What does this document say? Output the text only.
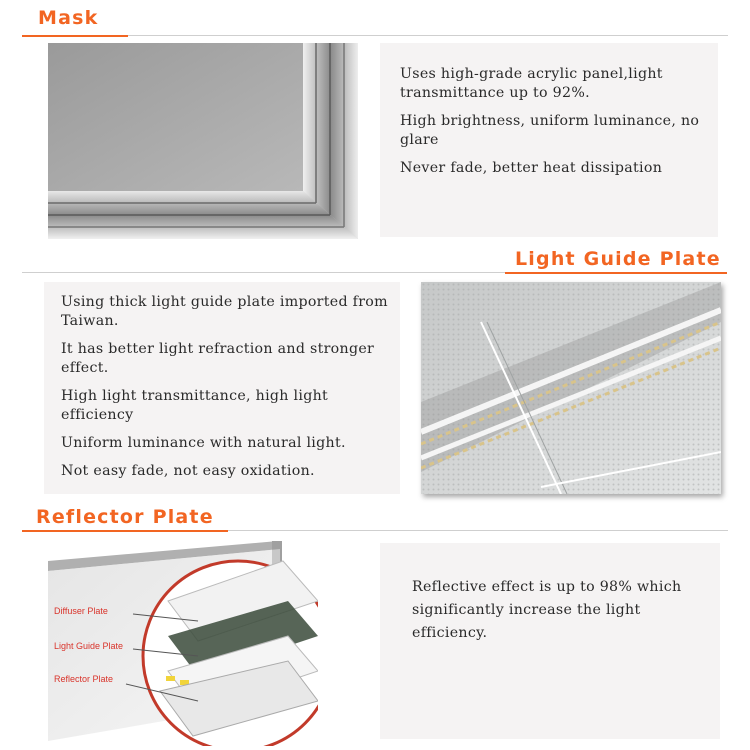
Mask

Uses high-grade acrylic panel,light transmittance up to 92%.

High brightness, uniform luminance, no glare

Never fade, better heat dissipation

Light Guide Plate

Using thick light guide plate imported from Taiwan.

It has better light refraction and stronger effect.

High light transmittance, high light efficiency

Uniform luminance with natural light.

Not easy fade, not easy oxidation.

Reflector Plate
Diffuser Plate
Light Guide Plate
Reflector Plate

Reflective effect is up to 98% which significantly increase the light efficiency.
